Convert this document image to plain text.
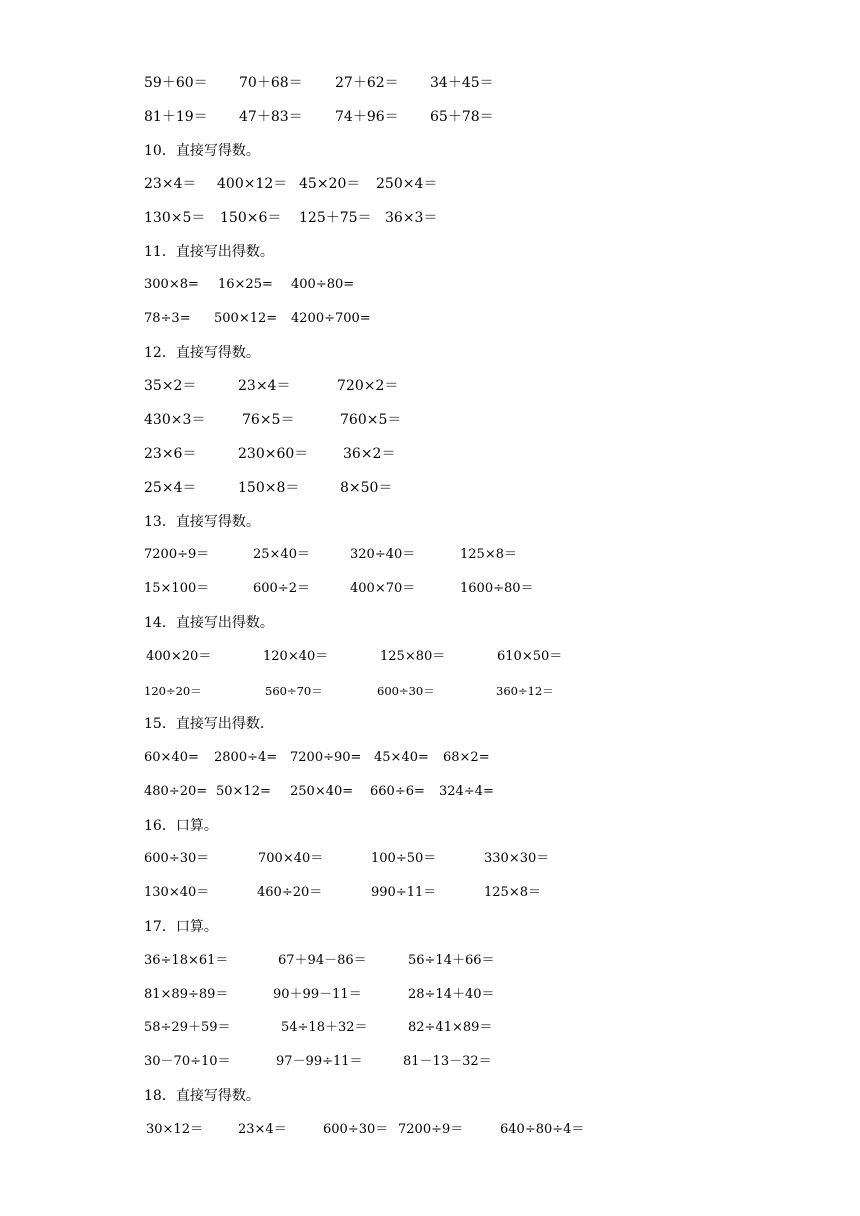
59＋60＝ 70＋68＝ 27＋62＝ 34＋45＝
81＋19＝ 47＋83＝ 74＋96＝ 65＋78＝
10．直接写得数。
23×4＝ 400×12＝ 45×20＝ 250×4＝
130×5＝ 150×6＝ 125＋75＝ 36×3＝
11．直接写出得数。
300×8= 16×25= 400÷80=
78÷3= 500×12= 4200÷700=
12．直接写得数。
35×2＝	23×4＝	720×2＝
430×3＝	76×5＝	760×5＝
23×6＝	230×60＝ 36×2＝
25×4＝	150×8＝	8×50＝
13．直接写得数。
7200÷9＝	25×40＝	320÷40＝	125×8＝
15×100＝	600÷2＝	400×70＝	1600÷80＝
14．直接写出得数。
400×20＝	120×40＝	125×80＝	610×50＝
120÷20＝	560÷70＝	600÷30＝	360÷12＝
15．直接写出得数.
60×40= 2800÷4= 7200÷90= 45×40= 68×2=
480÷20= 50×12= 250×40= 660÷6= 324÷4=
16．口算。
600÷30＝	700×40＝	100÷50＝	330×30＝
130×40＝	460÷20＝	990÷11＝	125×8＝
17．口算。
36÷18×61＝	67＋94－86＝	56÷14＋66＝
81×89÷89＝	90＋99－11＝	28÷14＋40＝
58÷29＋59＝	54÷18＋32＝	82÷41×89＝
30－70÷10＝	97－99÷11＝	81－13－32＝
18．直接写得数。
30×12＝	23×4＝	600÷30＝ 7200÷9＝	640÷80÷4＝
